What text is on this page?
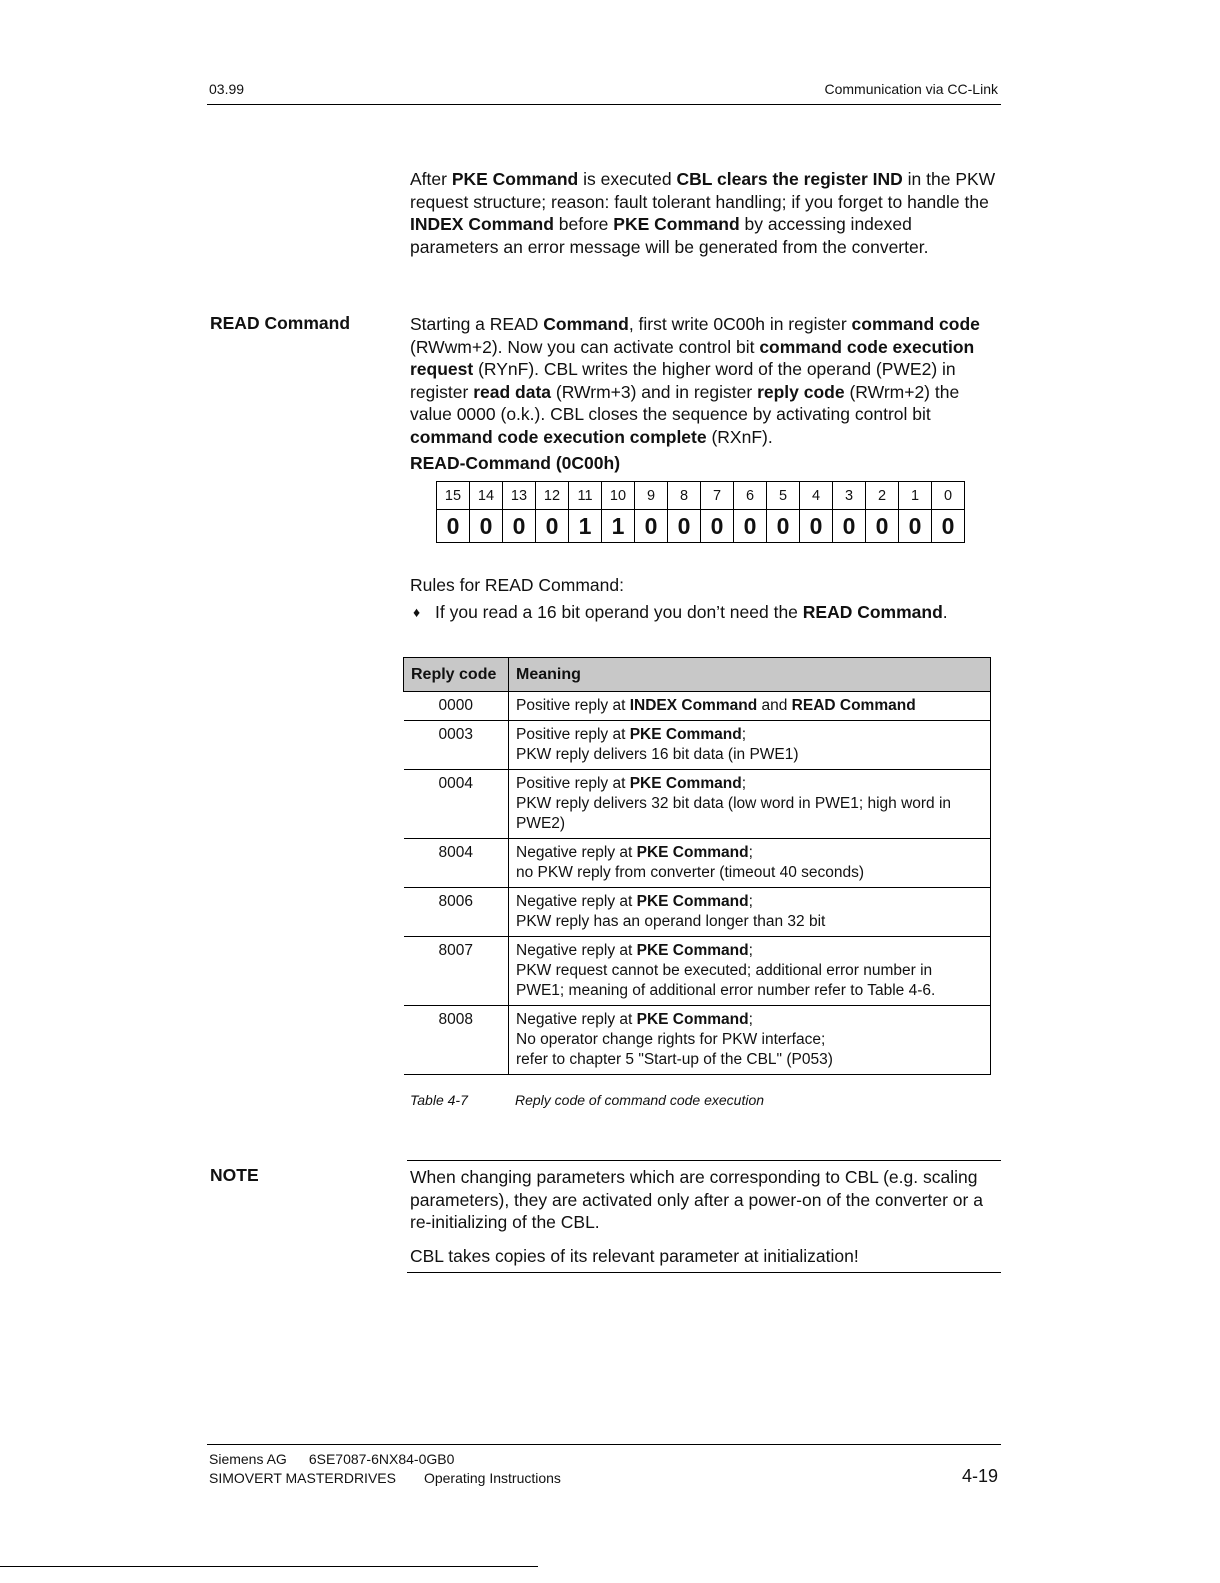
03.99	Communication via CC-Link
After PKE Command is executed CBL clears the register IND in the PKW request structure; reason: fault tolerant handling; if you forget to handle the INDEX Command before PKE Command by accessing indexed parameters an error message will be generated from the converter.
READ Command	Starting a READ Command, first write 0C00h in register command code (RWwm+2). Now you can activate control bit command code execution request (RYnF). CBL writes the higher word of the operand (PWE2) in register read data (RWrm+3) and in register reply code (RWrm+2) the value 0000 (o.k.). CBL closes the sequence by activating control bit command code execution complete (RXnF).
READ-Command (0C00h)
15	14	13	12	11	10	9	8	7	6	5	4	3	2	1	0
0	0	0	0	1	1	0	0	0	0	0	0	0	0	0	0
Rules for READ Command:
♦ If you read a 16 bit operand you don’t need the READ Command.
Reply code	Meaning
0000	Positive reply at INDEX Command and READ Command

0003	Positive reply at PKE Command;
PKW reply delivers 16 bit data (in PWE1)

0004	Positive reply at PKE Command;
PKW reply delivers 32 bit data (low word in PWE1; high word in PWE2)

8004	Negative reply at PKE Command;
no PKW reply from converter (timeout 40 seconds)

8006	Negative reply at PKE Command;
PKW reply has an operand longer than 32 bit

8007	Negative reply at PKE Command;
PKW request cannot be executed; additional error number in PWE1; meaning of additional error number refer to Table 4-6.

8008	Negative reply at PKE Command;
No operator change rights for PKW interface;
refer to chapter 5 "Start-up of the CBL" (P053)
Table 4-7	Reply code of command code execution
NOTE	When changing parameters which are corresponding to CBL (e.g. scaling parameters), they are activated only after a power-on of the converter or a re-initializing of the CBL.

CBL takes copies of its relevant parameter at initialization!

Siemens AG 6SE7087-6NX84-0GB0
SIMOVERT MASTERDRIVES Operating Instructions	4-19
